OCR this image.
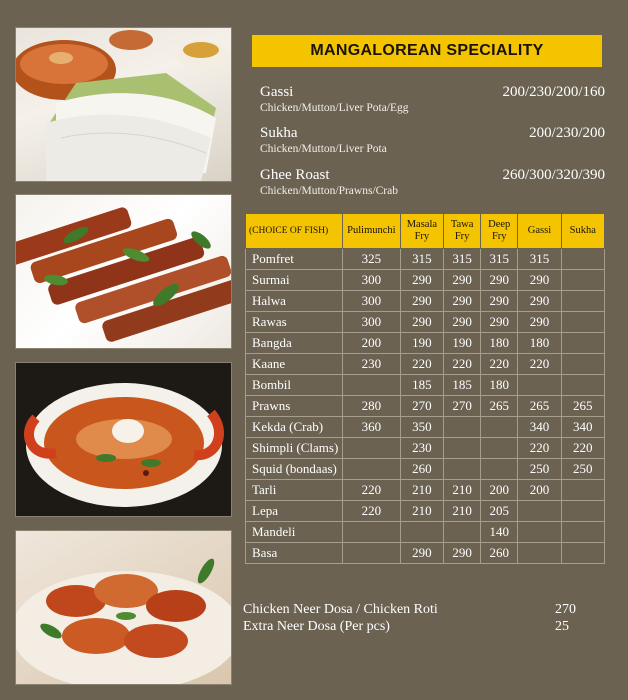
MANGALOREAN SPECIALITY
Gassi	200/230/200/160
Chicken/Mutton/Liver Pota/Egg
Sukha	200/230/200
Chicken/Mutton/Liver Pota
Ghee Roast	260/300/320/390
Chicken/Mutton/Prawns/Crab
(CHOICE OF FISH)	Pulimunchi	Masala Fry	Tawa Fry	Deep Fry	Gassi	Sukha
Pomfret	325	315	315	315	315	
Surmai	300	290	290	290	290	
Halwa	300	290	290	290	290	
Rawas	300	290	290	290	290	
Bangda	200	190	190	180	180	
Kaane	230	220	220	220	220	
Bombil		185	185	180		
Prawns	280	270	270	265	265	265
Kekda (Crab)	360	350			340	340
Shimpli (Clams)		230			220	220
Squid (bondaas)		260			250	250
Tarli	220	210	210	200	200	
Lepa	220	210	210	205		
Mandeli				140		
Basa		290	290	260		
Chicken Neer Dosa / Chicken Roti	270
Extra Neer Dosa (Per pcs)	25
